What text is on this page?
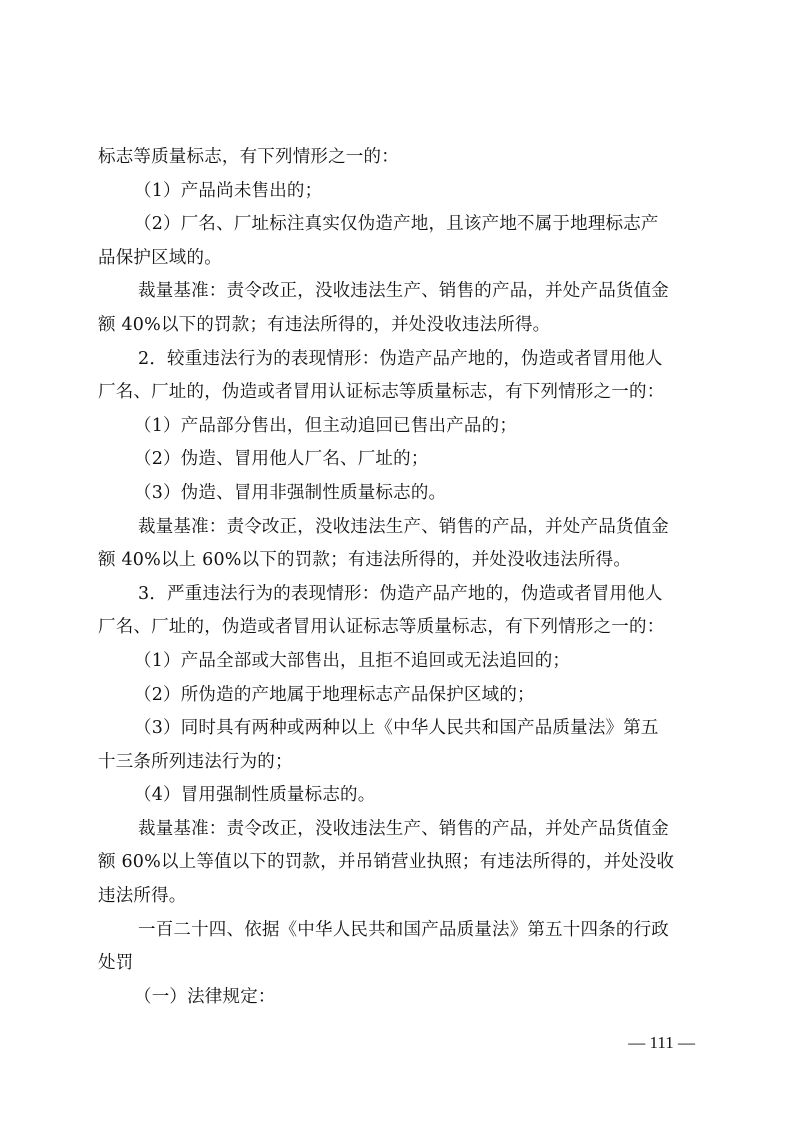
标志等质量标志，有下列情形之一的：
（1）产品尚未售出的；
（2）厂名、厂址标注真实仅伪造产地，且该产地不属于地理标志产
品保护区域的。
裁量基准：责令改正，没收违法生产、销售的产品，并处产品货值金
额 40%以下的罚款；有违法所得的，并处没收违法所得。
2．较重违法行为的表现情形：伪造产品产地的，伪造或者冒用他人
厂名、厂址的，伪造或者冒用认证标志等质量标志，有下列情形之一的：
（1）产品部分售出，但主动追回已售出产品的；
（2）伪造、冒用他人厂名、厂址的；
（3）伪造、冒用非强制性质量标志的。
裁量基准：责令改正，没收违法生产、销售的产品，并处产品货值金
额 40%以上 60%以下的罚款；有违法所得的，并处没收违法所得。
3．严重违法行为的表现情形：伪造产品产地的，伪造或者冒用他人
厂名、厂址的，伪造或者冒用认证标志等质量标志，有下列情形之一的：
（1）产品全部或大部售出，且拒不追回或无法追回的；
（2）所伪造的产地属于地理标志产品保护区域的；
（3）同时具有两种或两种以上《中华人民共和国产品质量法》第五
十三条所列违法行为的；
（4）冒用强制性质量标志的。
裁量基准：责令改正，没收违法生产、销售的产品，并处产品货值金
额 60%以上等值以下的罚款，并吊销营业执照；有违法所得的，并处没收
违法所得。
一百二十四、依据《中华人民共和国产品质量法》第五十四条的行政
处罚
（一）法律规定：
— 111 —
